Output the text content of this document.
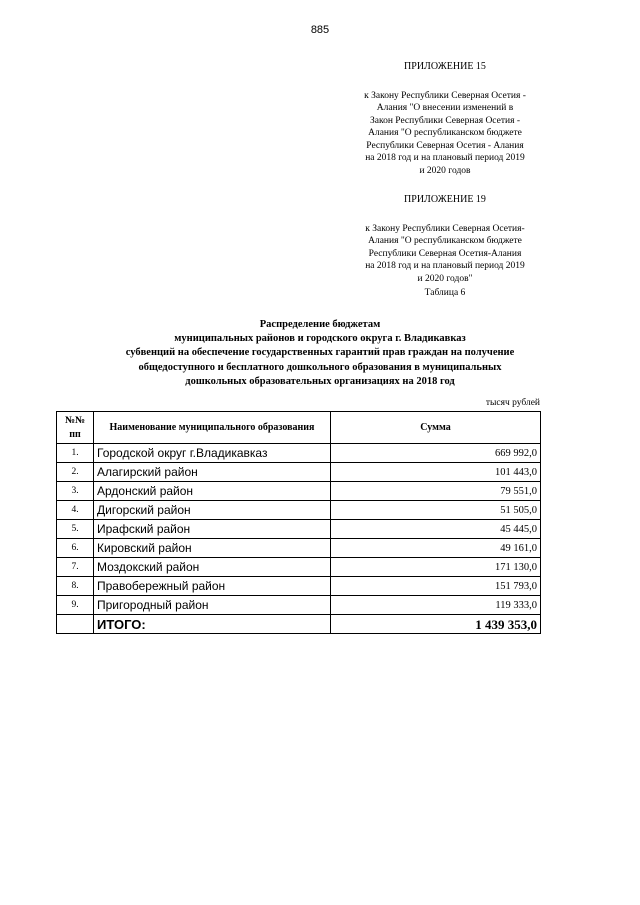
885
ПРИЛОЖЕНИЕ 15
к Закону Республики Северная Осетия -
Алания "О внесении изменений в
Закон Республики Северная Осетия -
Алания "О республиканском бюджете
Республики Северная Осетия - Алания
на 2018 год и на плановый период 2019
и 2020 годов
ПРИЛОЖЕНИЕ 19
к Закону Республики Северная Осетия-
Алания "О республиканском бюджете
Республики Северная Осетия-Алания
на 2018 год и на плановый период 2019
и 2020 годов"
Таблица 6
Распределение бюджетам
муниципальных районов и городского округа г. Владикавказ
субвенций на обеспечение государственных гарантий прав граждан на получение
общедоступного и бесплатного дошкольного образования в муниципальных
дошкольных образовательных организациях на 2018 год
тысяч рублей
№№ пп	Наименование муниципального образования	Сумма
1.	Городской округ г.Владикавказ	669 992,0
2.	Алагирский район	101 443,0
3.	Ардонский район	79 551,0
4.	Дигорский район	51 505,0
5.	Ирафский район	45 445,0
6.	Кировский район	49 161,0
7.	Моздокский район	171 130,0
8.	Правобережный район	151 793,0
9.	Пригородный район	119 333,0
	ИТОГО:	1 439 353,0
